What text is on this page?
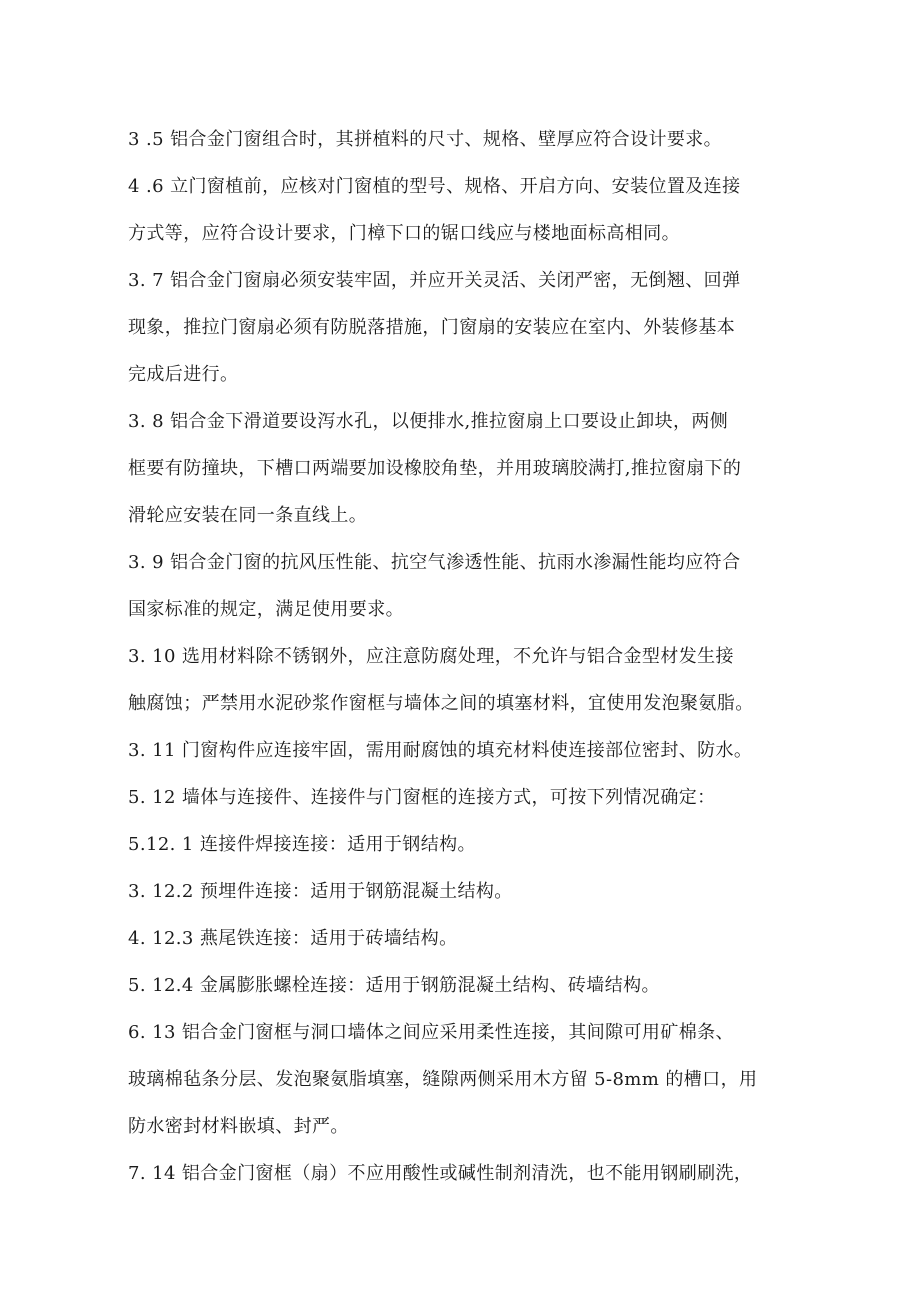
3 .5 铝合金门窗组合时，其拼植料的尺寸、规格、壁厚应符合设计要求。
4 .6 立门窗植前，应核对门窗植的型号、规格、开启方向、安装位置及连接
方式等，应符合设计要求，门樟下口的锯口线应与楼地面标高相同。
3. 7 铝合金门窗扇必须安装牢固，并应开关灵活、关闭严密，无倒翘、回弹
现象，推拉门窗扇必须有防脱落措施，门窗扇的安装应在室内、外装修基本
完成后进行。
3. 8 铝合金下滑道要设泻水孔，以便排水,推拉窗扇上口要设止卸块，两侧
框要有防撞块，下槽口两端要加设橡胶角垫，并用玻璃胶满打,推拉窗扇下的
滑轮应安装在同一条直线上。
3. 9 铝合金门窗的抗风压性能、抗空气渗透性能、抗雨水渗漏性能均应符合
国家标准的规定，满足使用要求。
3. 10 选用材料除不锈钢外，应注意防腐处理，不允许与铝合金型材发生接
触腐蚀；严禁用水泥砂浆作窗框与墙体之间的填塞材料，宜使用发泡聚氨脂。
3. 11 门窗构件应连接牢固，需用耐腐蚀的填充材料使连接部位密封、防水。
5. 12 墙体与连接件、连接件与门窗框的连接方式，可按下列情况确定：
5.12. 1 连接件焊接连接：适用于钢结构。
3. 12.2 预埋件连接：适用于钢筋混凝土结构。
4. 12.3 燕尾铁连接：适用于砖墙结构。
5. 12.4 金属膨胀螺栓连接：适用于钢筋混凝土结构、砖墙结构。
6. 13 铝合金门窗框与洞口墙体之间应采用柔性连接，其间隙可用矿棉条、
玻璃棉毡条分层、发泡聚氨脂填塞，缝隙两侧采用木方留 5-8mm 的槽口，用
防水密封材料嵌填、封严。
7. 14 铝合金门窗框（扇）不应用酸性或碱性制剂清洗，也不能用钢刷刷洗，
